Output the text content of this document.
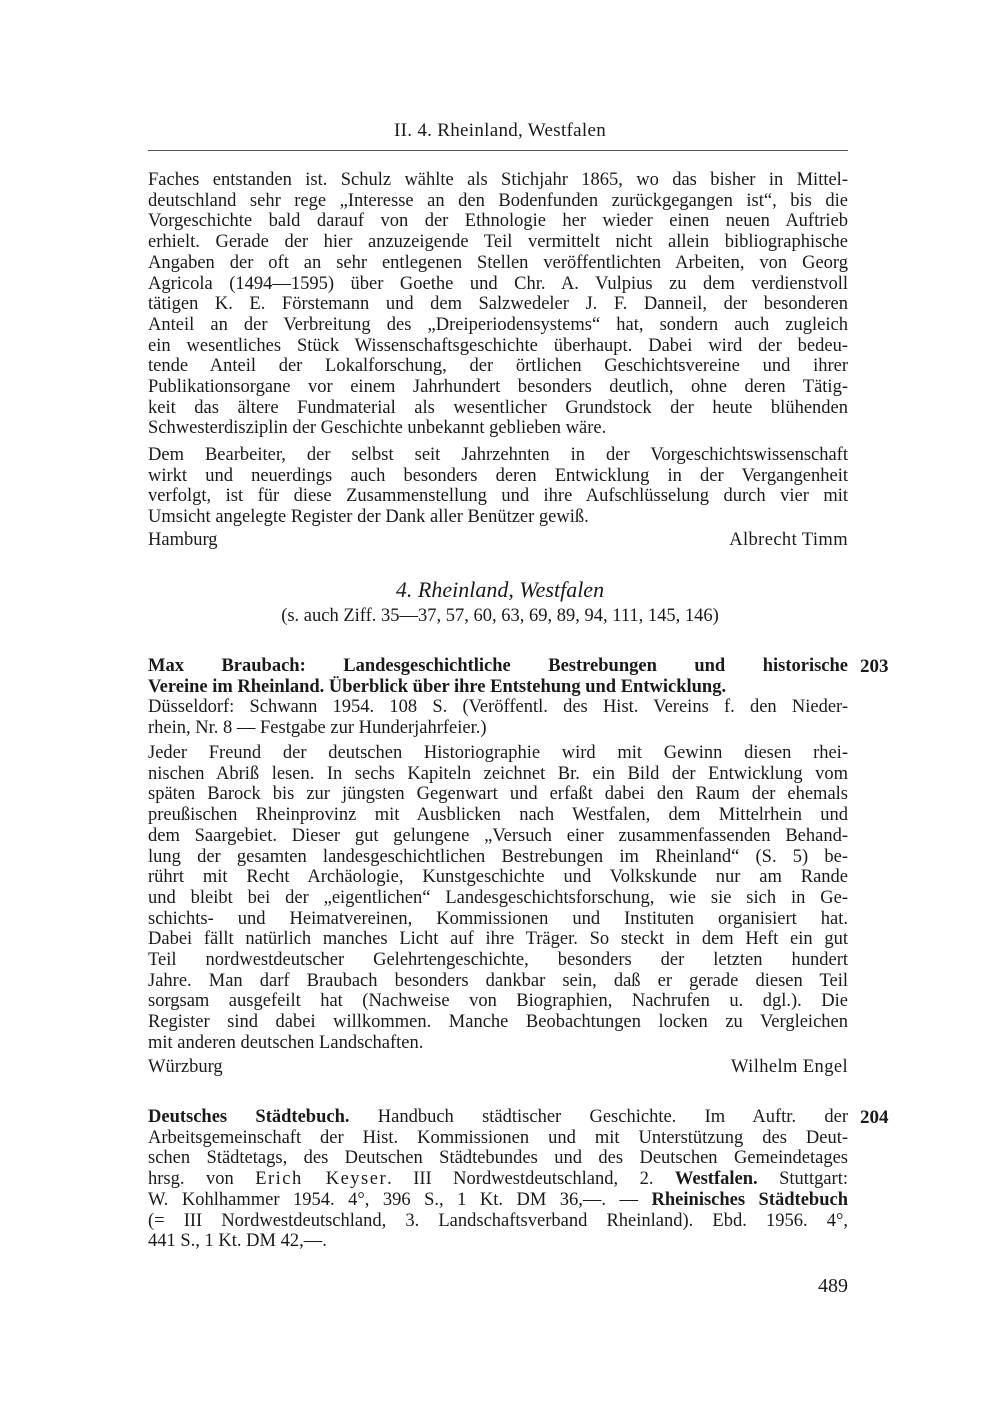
II. 4. Rheinland, Westfalen
Faches entstanden ist. Schulz wählte als Stichjahr 1865, wo das bisher in Mittel-
deutschland sehr rege „Interesse an den Bodenfunden zurückgegangen ist“, bis die
Vorgeschichte bald darauf von der Ethnologie her wieder einen neuen Auftrieb
erhielt. Gerade der hier anzuzeigende Teil vermittelt nicht allein bibliographische
Angaben der oft an sehr entlegenen Stellen veröffentlichten Arbeiten, von Georg
Agricola (1494—1595) über Goethe und Chr. A. Vulpius zu dem verdienstvoll
tätigen K. E. Förstemann und dem Salzwedeler J. F. Danneil, der besonderen
Anteil an der Verbreitung des „Dreiperiodensystems“ hat, sondern auch zugleich
ein wesentliches Stück Wissenschaftsgeschichte überhaupt. Dabei wird der bedeu-
tende Anteil der Lokalforschung, der örtlichen Geschichtsvereine und ihrer
Publikationsorgane vor einem Jahrhundert besonders deutlich, ohne deren Tätig-
keit das ältere Fundmaterial als wesentlicher Grundstock der heute blühenden
Schwesterdisziplin der Geschichte unbekannt geblieben wäre.
Dem Bearbeiter, der selbst seit Jahrzehnten in der Vorgeschichtswissenschaft
wirkt und neuerdings auch besonders deren Entwicklung in der Vergangenheit
verfolgt, ist für diese Zusammenstellung und ihre Aufschlüsselung durch vier mit
Umsicht angelegte Register der Dank aller Benützer gewiß.
Hamburg	Albrecht Timm
4. Rheinland, Westfalen
(s. auch Ziff. 35—37, 57, 60, 63, 69, 89, 94, 111, 145, 146)
203
Max Braubach: Landesgeschichtliche Bestrebungen und historische
Vereine im Rheinland. Überblick über ihre Entstehung und Entwicklung.
Düsseldorf: Schwann 1954. 108 S. (Veröffentl. des Hist. Vereins f. den Nieder-
rhein, Nr. 8 — Festgabe zur Hunderjahrfeier.)
Jeder Freund der deutschen Historiographie wird mit Gewinn diesen rhei-
nischen Abriß lesen. In sechs Kapiteln zeichnet Br. ein Bild der Entwicklung vom
späten Barock bis zur jüngsten Gegenwart und erfaßt dabei den Raum der ehemals
preußischen Rheinprovinz mit Ausblicken nach Westfalen, dem Mittelrhein und
dem Saargebiet. Dieser gut gelungene „Versuch einer zusammenfassenden Behand-
lung der gesamten landesgeschichtlichen Bestrebungen im Rheinland“ (S. 5) be-
rührt mit Recht Archäologie, Kunstgeschichte und Volkskunde nur am Rande
und bleibt bei der „eigentlichen“ Landesgeschichtsforschung, wie sie sich in Ge-
schichts- und Heimatvereinen, Kommissionen und Instituten organisiert hat.
Dabei fällt natürlich manches Licht auf ihre Träger. So steckt in dem Heft ein gut
Teil nordwestdeutscher Gelehrtengeschichte, besonders der letzten hundert
Jahre. Man darf Braubach besonders dankbar sein, daß er gerade diesen Teil
sorgsam ausgefeilt hat (Nachweise von Biographien, Nachrufen u. dgl.). Die
Register sind dabei willkommen. Manche Beobachtungen locken zu Vergleichen
mit anderen deutschen Landschaften.
Würzburg	Wilhelm Engel
204
Deutsches Städtebuch. Handbuch städtischer Geschichte. Im Auftr. der
Arbeitsgemeinschaft der Hist. Kommissionen und mit Unterstützung des Deut-
schen Städtetags, des Deutschen Städtebundes und des Deutschen Gemeindetages
hrsg. von Erich Keyser. III Nordwestdeutschland, 2. Westfalen. Stuttgart:
W. Kohlhammer 1954. 4°, 396 S., 1 Kt. DM 36,—. — Rheinisches Städtebuch
(= III Nordwestdeutschland, 3. Landschaftsverband Rheinland). Ebd. 1956. 4°,
441 S., 1 Kt. DM 42,—.
489
